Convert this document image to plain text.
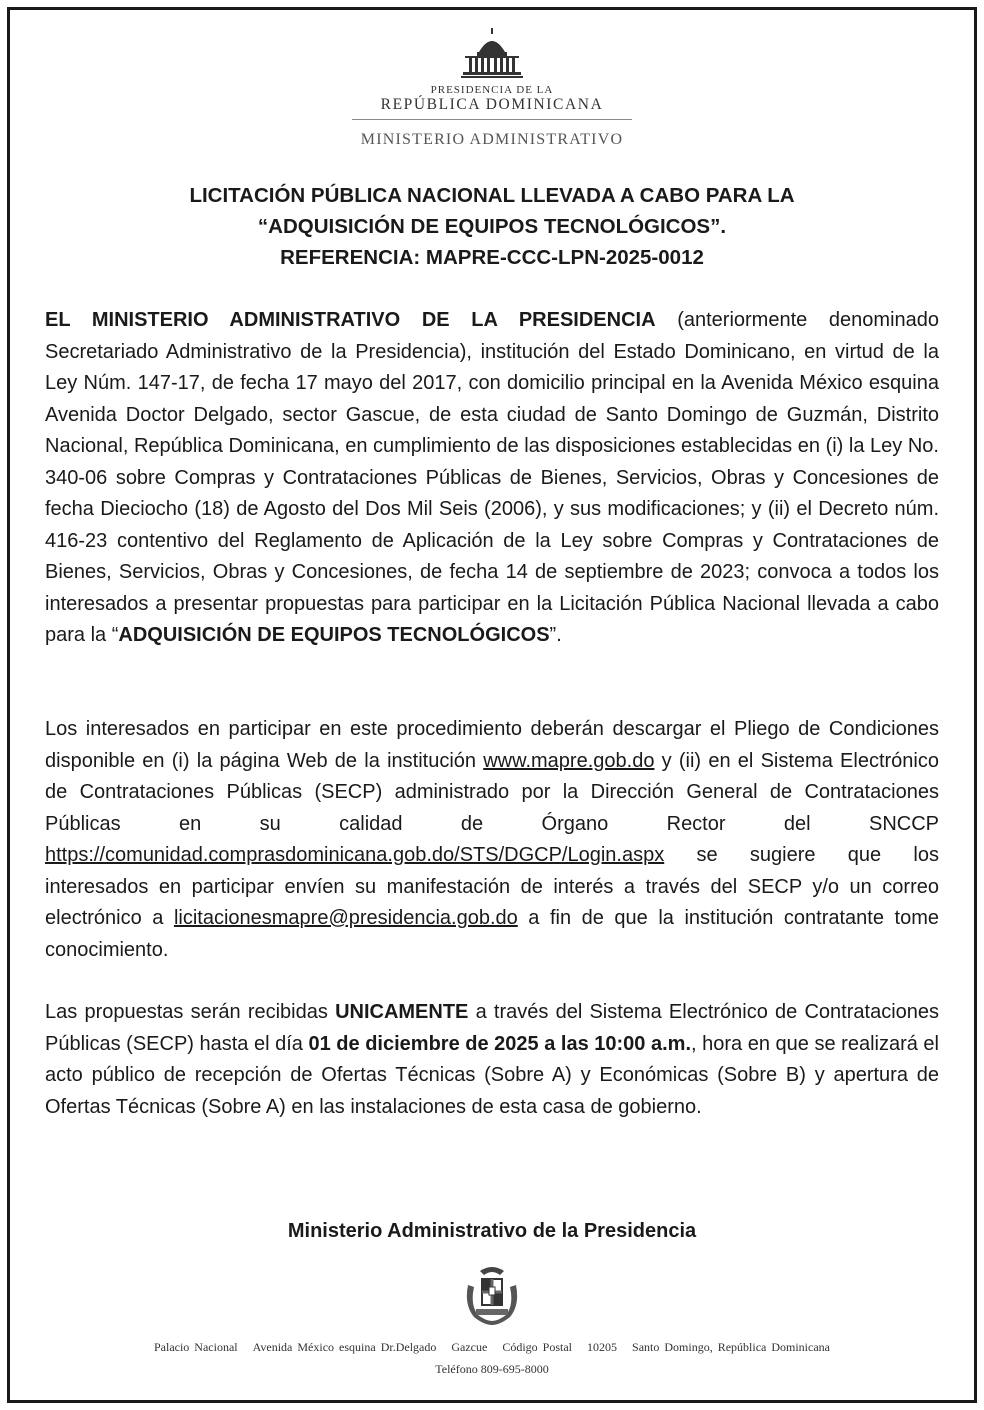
PRESIDENCIA DE LA
REPÚBLICA DOMINICANA
MINISTERIO ADMINISTRATIVO
LICITACIÓN PÚBLICA NACIONAL LLEVADA A CABO PARA LA
“ADQUISICIÓN DE EQUIPOS TECNOLÓGICOS”.
REFERENCIA: MAPRE-CCC-LPN-2025-0012
EL MINISTERIO ADMINISTRATIVO DE LA PRESIDENCIA (anteriormente denominado Secretariado Administrativo de la Presidencia), institución del Estado Dominicano, en virtud de la Ley Núm. 147-17, de fecha 17 mayo del 2017, con domicilio principal en la Avenida México esquina Avenida Doctor Delgado, sector Gascue, de esta ciudad de Santo Domingo de Guzmán, Distrito Nacional, República Dominicana, en cumplimiento de las disposiciones establecidas en (i) la Ley No. 340-06 sobre Compras y Contrataciones Públicas de Bienes, Servicios, Obras y Concesiones de fecha Dieciocho (18) de Agosto del Dos Mil Seis (2006), y sus modificaciones; y (ii) el Decreto núm. 416-23 contentivo del Reglamento de Aplicación de la Ley sobre Compras y Contrataciones de Bienes, Servicios, Obras y Concesiones, de fecha 14 de septiembre de 2023; convoca a todos los interesados a presentar propuestas para participar en la Licitación Pública Nacional llevada a cabo para la “ADQUISICIÓN DE EQUIPOS TECNOLÓGICOS”.
Los interesados en participar en este procedimiento deberán descargar el Pliego de Condiciones disponible en (i) la página Web de la institución www.mapre.gob.do y (ii) en el Sistema Electrónico de Contrataciones Públicas (SECP) administrado por la Dirección General de Contrataciones Públicas en su calidad de Órgano Rector del SNCCP https://comunidad.comprasdominicana.gob.do/STS/DGCP/Login.aspx se sugiere que los interesados en participar envíen su manifestación de interés a través del SECP y/o un correo electrónico a licitacionesmapre@presidencia.gob.do a fin de que la institución contratante tome conocimiento.
Las propuestas serán recibidas UNICAMENTE a través del Sistema Electrónico de Contrataciones Públicas (SECP) hasta el día 01 de diciembre de 2025 a las 10:00 a.m., hora en que se realizará el acto público de recepción de Ofertas Técnicas (Sobre A) y Económicas (Sobre B) y apertura de Ofertas Técnicas (Sobre A) en las instalaciones de esta casa de gobierno.
Ministerio Administrativo de la Presidencia
Palacio Nacional Avenida México esquina Dr.Delgado Gazcue Código Postal 10205 Santo Domingo, República Dominicana
Teléfono 809-695-8000
